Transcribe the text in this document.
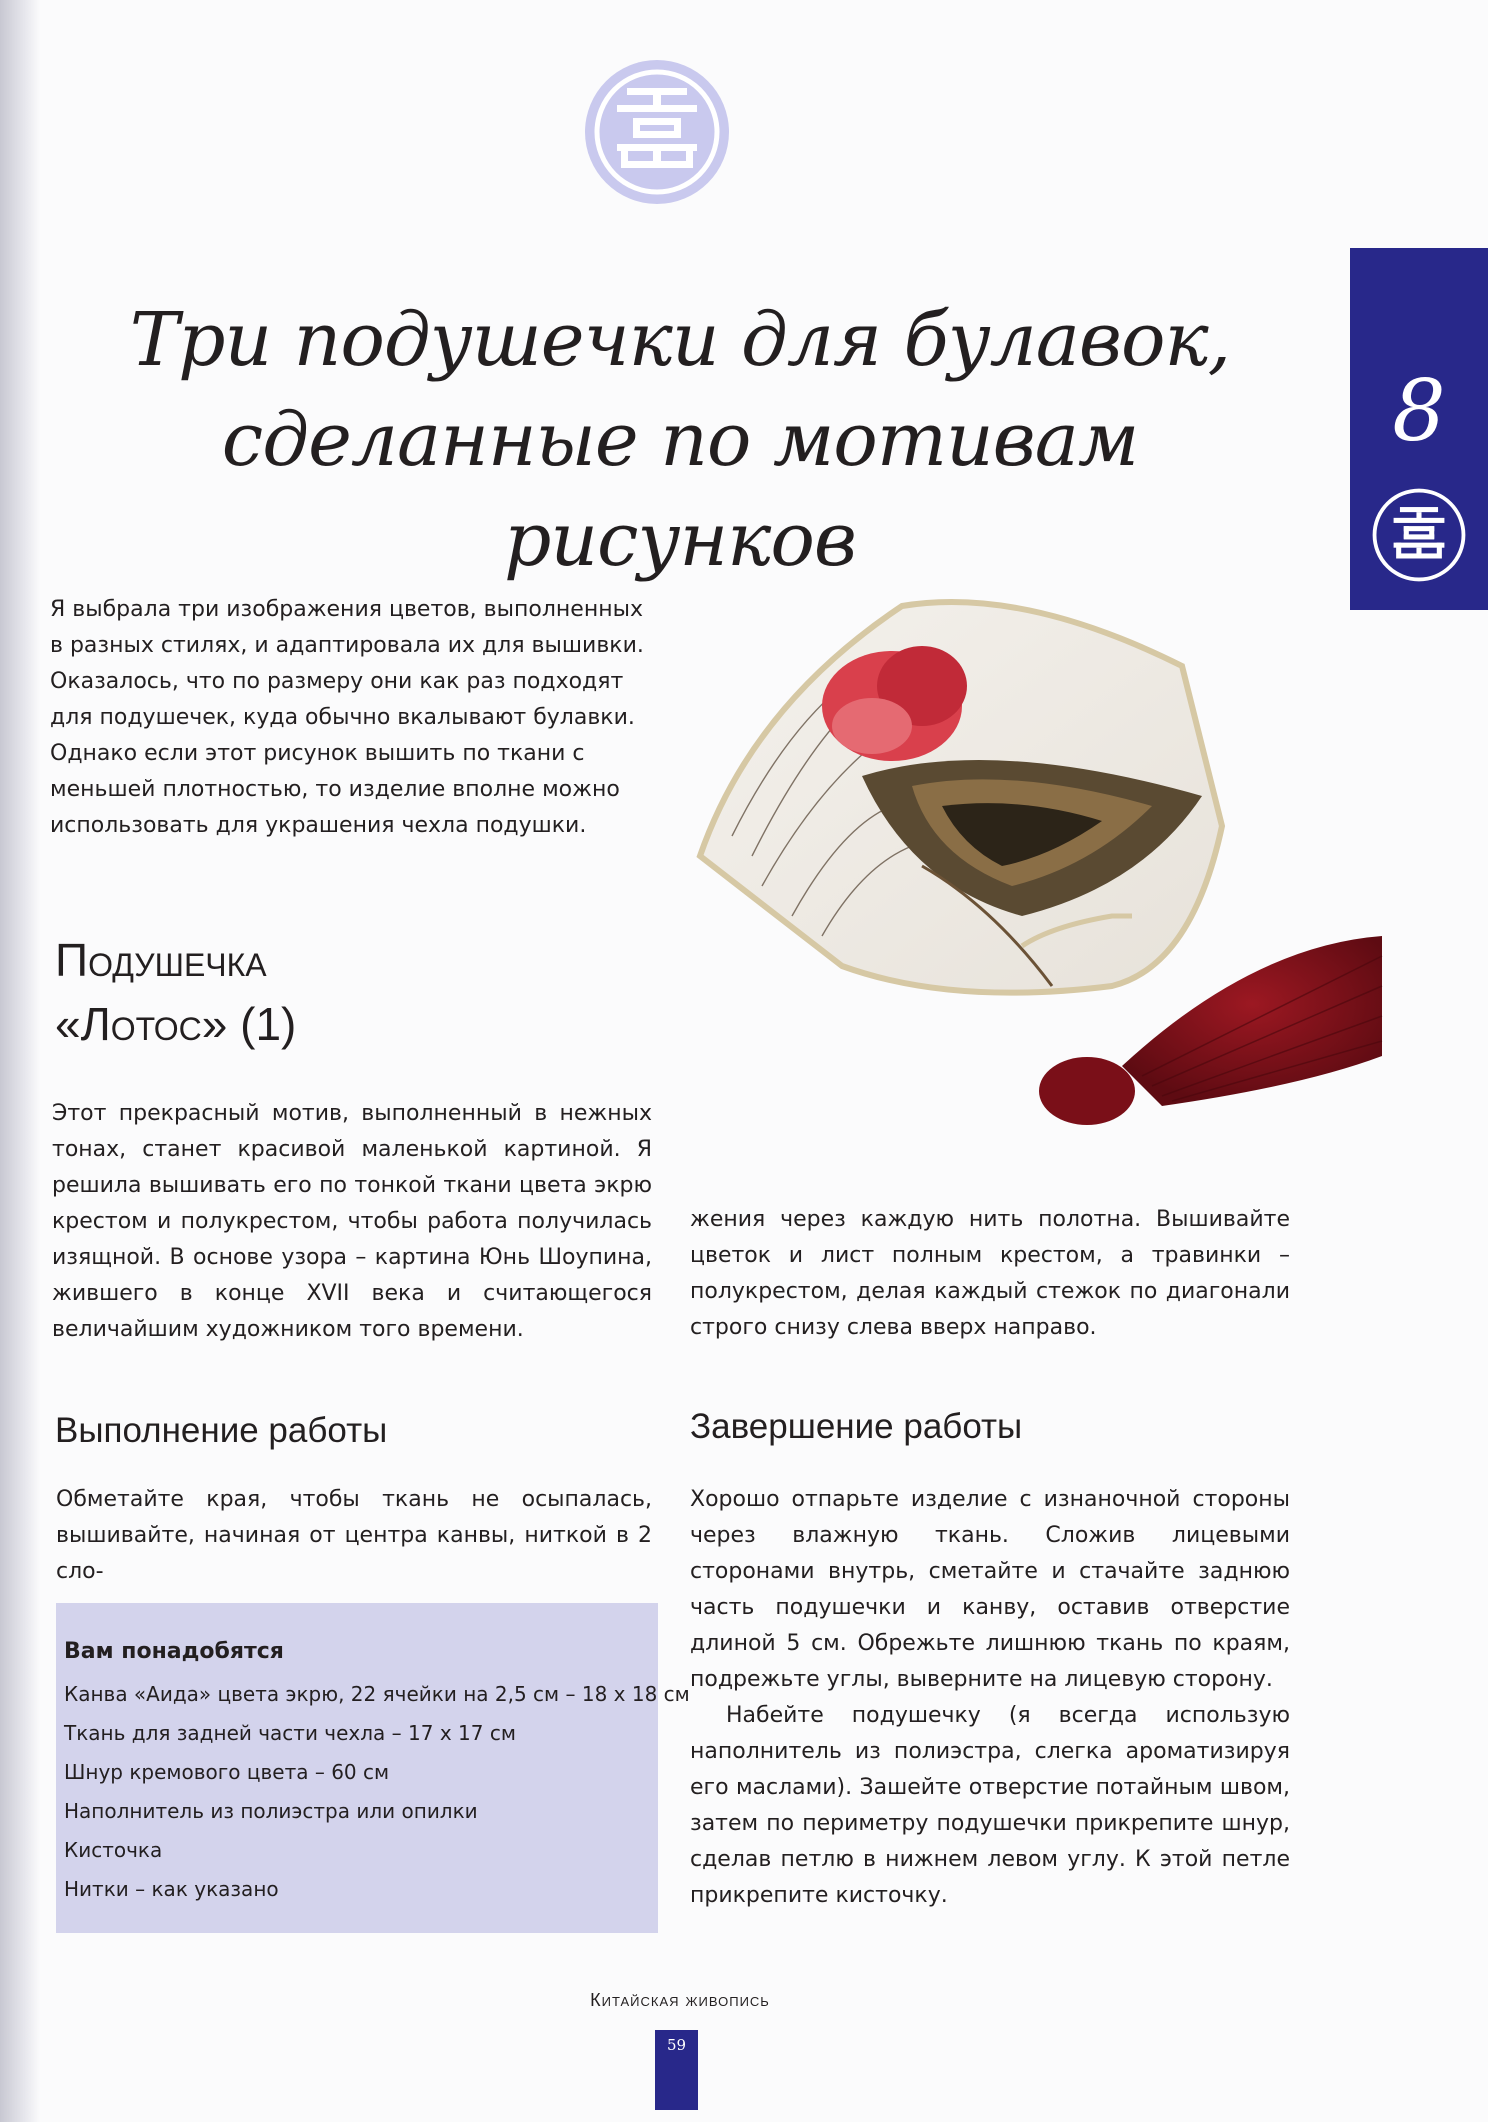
8
Три подушечки для булавок,
сделанные по мотивам рисунков

Я выбрала три изображения цветов, выполненных в разных стилях, и адаптировала их для вышивки. Оказалось, что по размеру они как раз подходят для подушечек, куда обычно вкалывают булавки. Однако если этот рисунок вышить по ткани с меньшей плотностью, то изделие вполне можно использовать для украшения чехла подушки.

Подушечка
«Лотос» (1)

Этот прекрасный мотив, выполненный в нежных тонах, станет красивой маленькой картиной. Я решила вышивать его по тонкой ткани цвета экрю крестом и полукрестом, чтобы работа получилась изящной. В основе узора – картина Юнь Шоупина, жившего в конце XVII века и считающегося величайшим художником того времени.

жения через каждую нить полотна. Вышивайте цветок и лист полным крестом, а травинки – полукрестом, делая каждый стежок по диагонали строго снизу слева вверх направо.

Выполнение работы

Обметайте края, чтобы ткань не осыпалась, вышивайте, начиная от центра канвы, ниткой в 2 сло-

Вам понадобятся
Канва «Аида» цвета экрю, 22 ячейки на 2,5 см – 18 х 18 см
Ткань для задней части чехла – 17 х 17 см
Шнур кремового цвета – 60 см
Наполнитель из полиэстра или опилки
Кисточка
Нитки – как указано
Завершение работы

Хорошо отпарьте изделие с изнаночной стороны через влажную ткань. Сложив лицевыми сторонами внутрь, сметайте и стачайте заднюю часть подушечки и канву, оставив отверстие длиной 5 см. Обрежьте лишнюю ткань по краям, подрежьте углы, выверните на лицевую сторону.

Набейте подушечку (я всегда использую наполнитель из полиэстра, слегка ароматизируя его маслами). Зашейте отверстие потайным швом, затем по периметру подушечки прикрепите шнур, сделав петлю в нижнем левом углу. К этой петле прикрепите кисточку.

Китайская живопись
59
